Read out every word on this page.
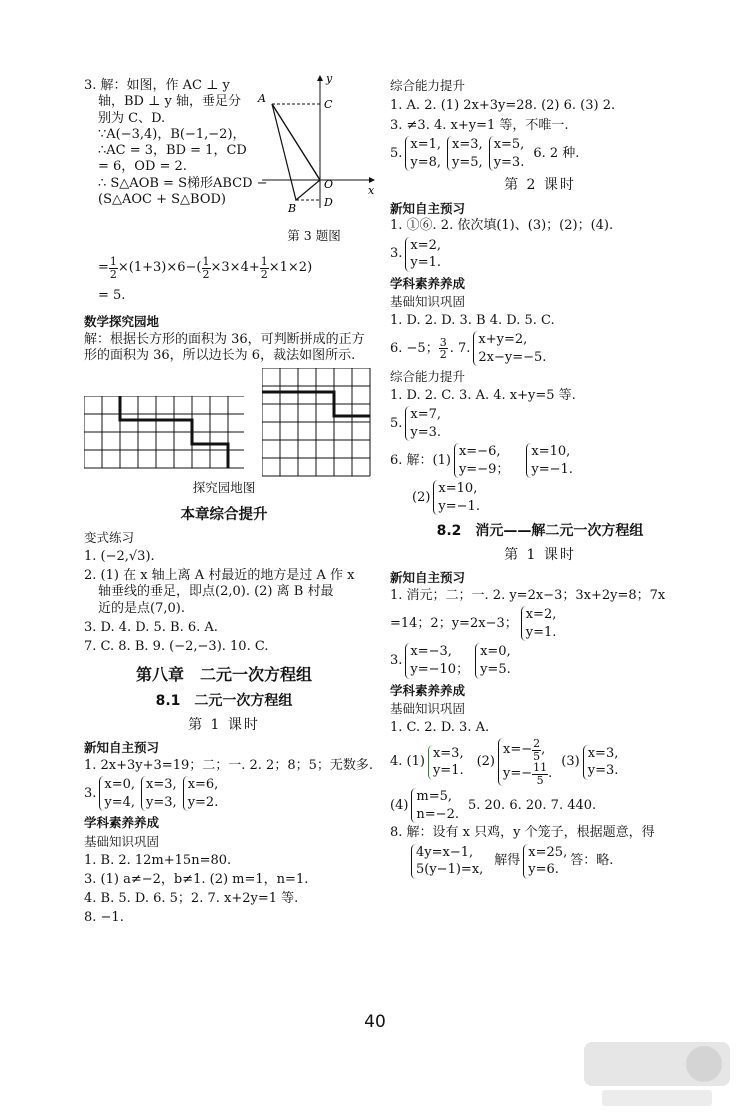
3. 解：如图，作 AC ⊥ y

轴，BD ⊥ y 轴，垂足分

别为 C、D.

∵A(−3,4)，B(−1,−2)，

∴AC = 3，BD = 1，CD

= 6，OD = 2.

∴ S△AOB = S梯形ABCD −

(S△AOC + S△BOD)

y
x
A	C
O
B	D
第 3 题图
= $\frac{1}{2} \times(1+3)\times 6-( \frac{1}{2} \times 3\times 4+ \frac{1}{2} \times 1\times 2)$

= 5.

数学探究园地

解：根据长方形的面积为 36，可判断拼成的正方

形的面积为 36，所以边长为 6，裁法如图所示.

探究园地图
本章综合提升
变式练习

1. (−2,√3).

2. (1) 在 x 轴上离 A 村最近的地方是过 A 作 x

轴垂线的垂足，即点(2,0). (2) 离 B 村最

近的是点(7,0).

3. D. 4. D. 5. B. 6. A.

7. C. 8. B. 9. (−2,−3). 10. C.

第八章　二元一次方程组
8.1　二元一次方程组
第 1 课时
新知自主预习

1. 2x+3y+3=19；二；一. 2. 2；8；5；无数多.

3.
x=0,
y=4,
x=3,
y=3,
x=6,
y=2.
学科素养养成
基础知识巩固

1. B. 2. 12m+15n=80.

3. (1) a≠−2，b≠1. (2) m=1，n=1.

4. B. 5. D. 6. 5；2. 7. x+2y=1 等.

8. −1.

综合能力提升

1. A. 2. (1) 2x+3y=28. (2) 6. (3) 2.

3. ≠3. 4. x+y=1 等，不唯一.

5.
x=1,
y=8,
x=3,
y=5,
x=5,
y=3.
6. 2 种.
第 2 课时
新知自主预习

1. ①⑥. 2. 依次填(1)、(3)；(2)；(4).

3.
x=2,
y=1.
学科素养养成
基础知识巩固

1. D. 2. D. 3. B 4. D. 5. C.

6. −5； $\frac{3}{2}$ . 7.
x+y=2,
2x−y=−5.
综合能力提升

1. D. 2. C. 3. A. 4. x+y=5 等.

5.
x=7,
y=3.
6. 解：(1)
x=−6,
y=−9；
x=10,
y=−1.
(2)
x=10,
y=−1.
8.2　消元——解二元一次方程组
第 1 课时
新知自主预习

1. 消元；二；一. 2. y=2x−3；3x+2y=8；7x

=14；2；y=2x−3；
x=2,
y=1.
3.
x=−3,
y=−10；
x=0,
y=5.
学科素养养成
基础知识巩固

1. C. 2. D. 3. A.

4. (1)
x=3,
y=1.
(2)
$x=- \frac{2}{5}$ ,
$y=- \frac{11}{5}$ .
(3)
x=3,
y=3.
(4)
m=5,
n=−2.
5. 20. 6. 20. 7. 440.

8. 解：设有 x 只鸡，y 个笼子，根据题意，得

4y=x−1,
5(y−1)=x,
解得
x=25,
y=6.
答：略.
40
